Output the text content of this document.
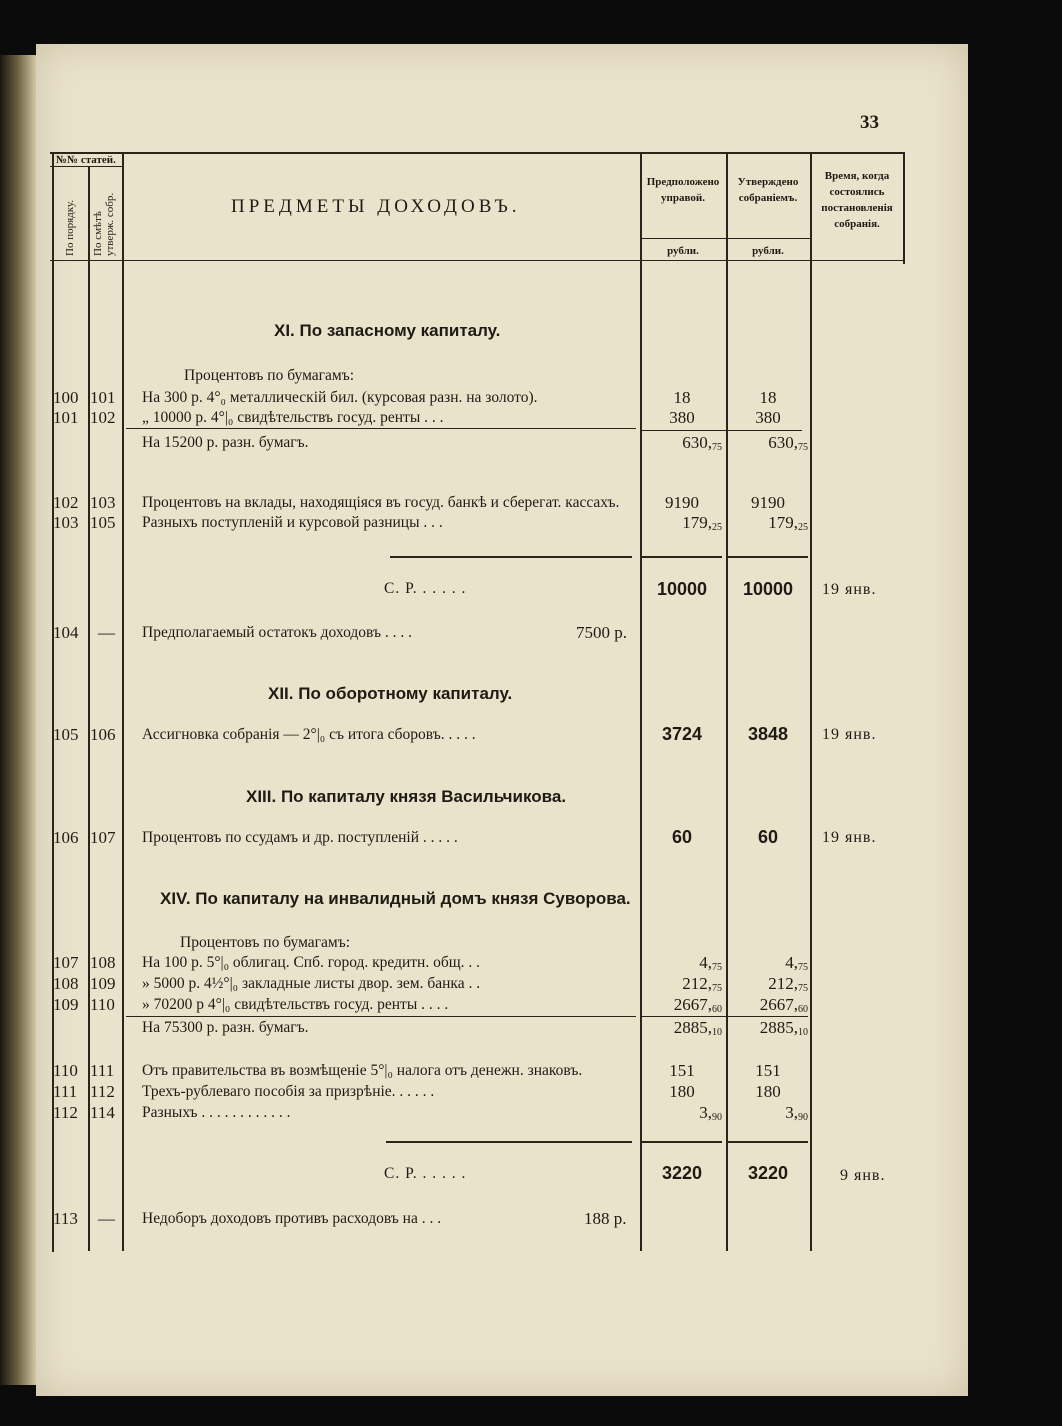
33
№№ статей.
По порядку. По смѣтѣ утверж. собр.	ПРЕДМЕТЫ ДОХОДОВЪ.
Предположено управой.
Утверждено собраніемъ.
Время, когда состоялись постановленія собранія.
рубли.	рубли.
XI. По запасному капиталу.
Процентовъ по бумагамъ:
100 101 На 300 р. 4°₀ металлическій бил. (курсовая разн. на золото).	18	18
101 102 „ 10000 р. 4°|₀ свидѣтельствъ госуд. ренты . . .	380	380
На 15200 р. разн. бумагъ.	$630,_{75}$	$630,_{75}$
102 103 Процентовъ на вклады, находящіяся въ госуд. банкѣ и сберегат. кассахъ.	9190	9190
103 105 Разныхъ поступленій и курсовой разницы . . .	$179,_{25}$	$179,_{25}$
С. Р. . . . . .	10000	10000	19 янв.
104 — Предполагаемый остатокъ доходовъ . . . .	7500 р.
XII. По оборотному капиталу.
105 106 Ассигновка собранія — 2°|₀ съ итога сборовъ. . . . .	3724	3848	19 янв.
XIII. По капиталу князя Васильчикова.
106 107 Процентовъ по ссудамъ и др. поступленій . . . . .	60	60	19 янв.
XIV. По капиталу на инвалидный домъ князя Суворова.
Процентовъ по бумагамъ:
107 108 На 100 р. 5°|₀ облигац. Спб. город. кредитн. общ. . .	$4,_{75}$	$4,_{75}$
108 109 » 5000 р. 4½°|₀ закладные листы двор. зем. банка . .	$212,_{75}$	$212,_{75}$
109 110 » 70200 р 4°|₀ свидѣтельствъ госуд. ренты . . . .	$2667,_{60}$	$2667,_{60}$
На 75300 р. разн. бумагъ.	$2885,_{10}$	$2885,_{10}$
110 111 Отъ правительства въ возмѣщеніе 5°|₀ налога отъ денежн. знаковъ.	151	151
111 112 Трехъ-рублеваго пособія за призрѣніе. . . . . .	180	180
112 114 Разныхъ . . . . . . . . . . . .	$3,_{90}$	$3,_{90}$
С. Р. . . . . .	3220	3220	9 янв.
113 — Недоборъ доходовъ противъ расходовъ на . . .	188 р.
